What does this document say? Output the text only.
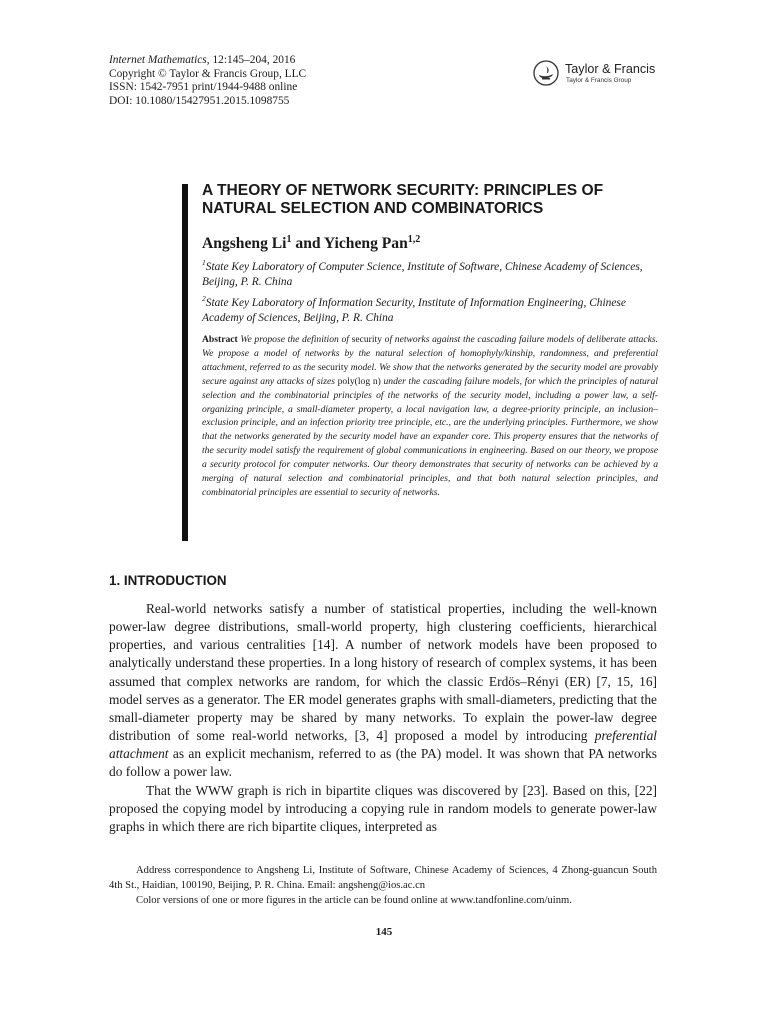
Internet Mathematics, 12:145–204, 2016
Copyright © Taylor & Francis Group, LLC
ISSN: 1542-7951 print/1944-9488 online
DOI: 10.1080/15427951.2015.1098755
Taylor & Francis
Taylor & Francis Group
A THEORY OF NETWORK SECURITY: PRINCIPLES OF NATURAL SELECTION AND COMBINATORICS
Angsheng Li$^1$ and Yicheng Pan$^{1,2}$

$^1$State Key Laboratory of Computer Science, Institute of Software, Chinese Academy of Sciences, Beijing, P. R. China

$^2$State Key Laboratory of Information Security, Institute of Information Engineering, Chinese Academy of Sciences, Beijing, P. R. China

Abstract We propose the definition of security of networks against the cascading failure models of deliberate attacks. We propose a model of networks by the natural selection of homophyly/kinship, randomness, and preferential attachment, referred to as the security model. We show that the networks generated by the security model are provably secure against any attacks of sizes poly(log n) under the cascading failure models, for which the principles of natural selection and the combinatorial principles of the networks of the security model, including a power law, a self-organizing principle, a small-diameter property, a local navigation law, a degree-priority principle, an inclusion–exclusion principle, and an infection priority tree principle, etc., are the underlying principles. Furthermore, we show that the networks generated by the security model have an expander core. This property ensures that the networks of the security model satisfy the requirement of global communications in engineering. Based on our theory, we propose a security protocol for computer networks. Our theory demonstrates that security of networks can be achieved by a merging of natural selection and combinatorial principles, and that both natural selection principles, and combinatorial principles are essential to security of networks.
1. INTRODUCTION

Real-world networks satisfy a number of statistical properties, including the well-known power-law degree distributions, small-world property, high clustering coefficients, hierarchical properties, and various centralities [14]. A number of network models have been proposed to analytically understand these properties. In a long history of research of complex systems, it has been assumed that complex networks are random, for which the classic Erdös–Rényi (ER) [7, 15, 16] model serves as a generator. The ER model generates graphs with small-diameters, predicting that the small-diameter property may be shared by many networks. To explain the power-law degree distribution of some real-world networks, [3, 4] proposed a model by introducing preferential attachment as an explicit mechanism, referred to as (the PA) model. It was shown that PA networks do follow a power law.

That the WWW graph is rich in bipartite cliques was discovered by [23]. Based on this, [22] proposed the copying model by introducing a copying rule in random models to generate power-law graphs in which there are rich bipartite cliques, interpreted as

Address correspondence to Angsheng Li, Institute of Software, Chinese Academy of Sciences, 4 Zhong-guancun South 4th St., Haidian, 100190, Beijing, P. R. China. Email: angsheng@ios.ac.cn

Color versions of one or more figures in the article can be found online at www.tandfonline.com/uinm.

145
